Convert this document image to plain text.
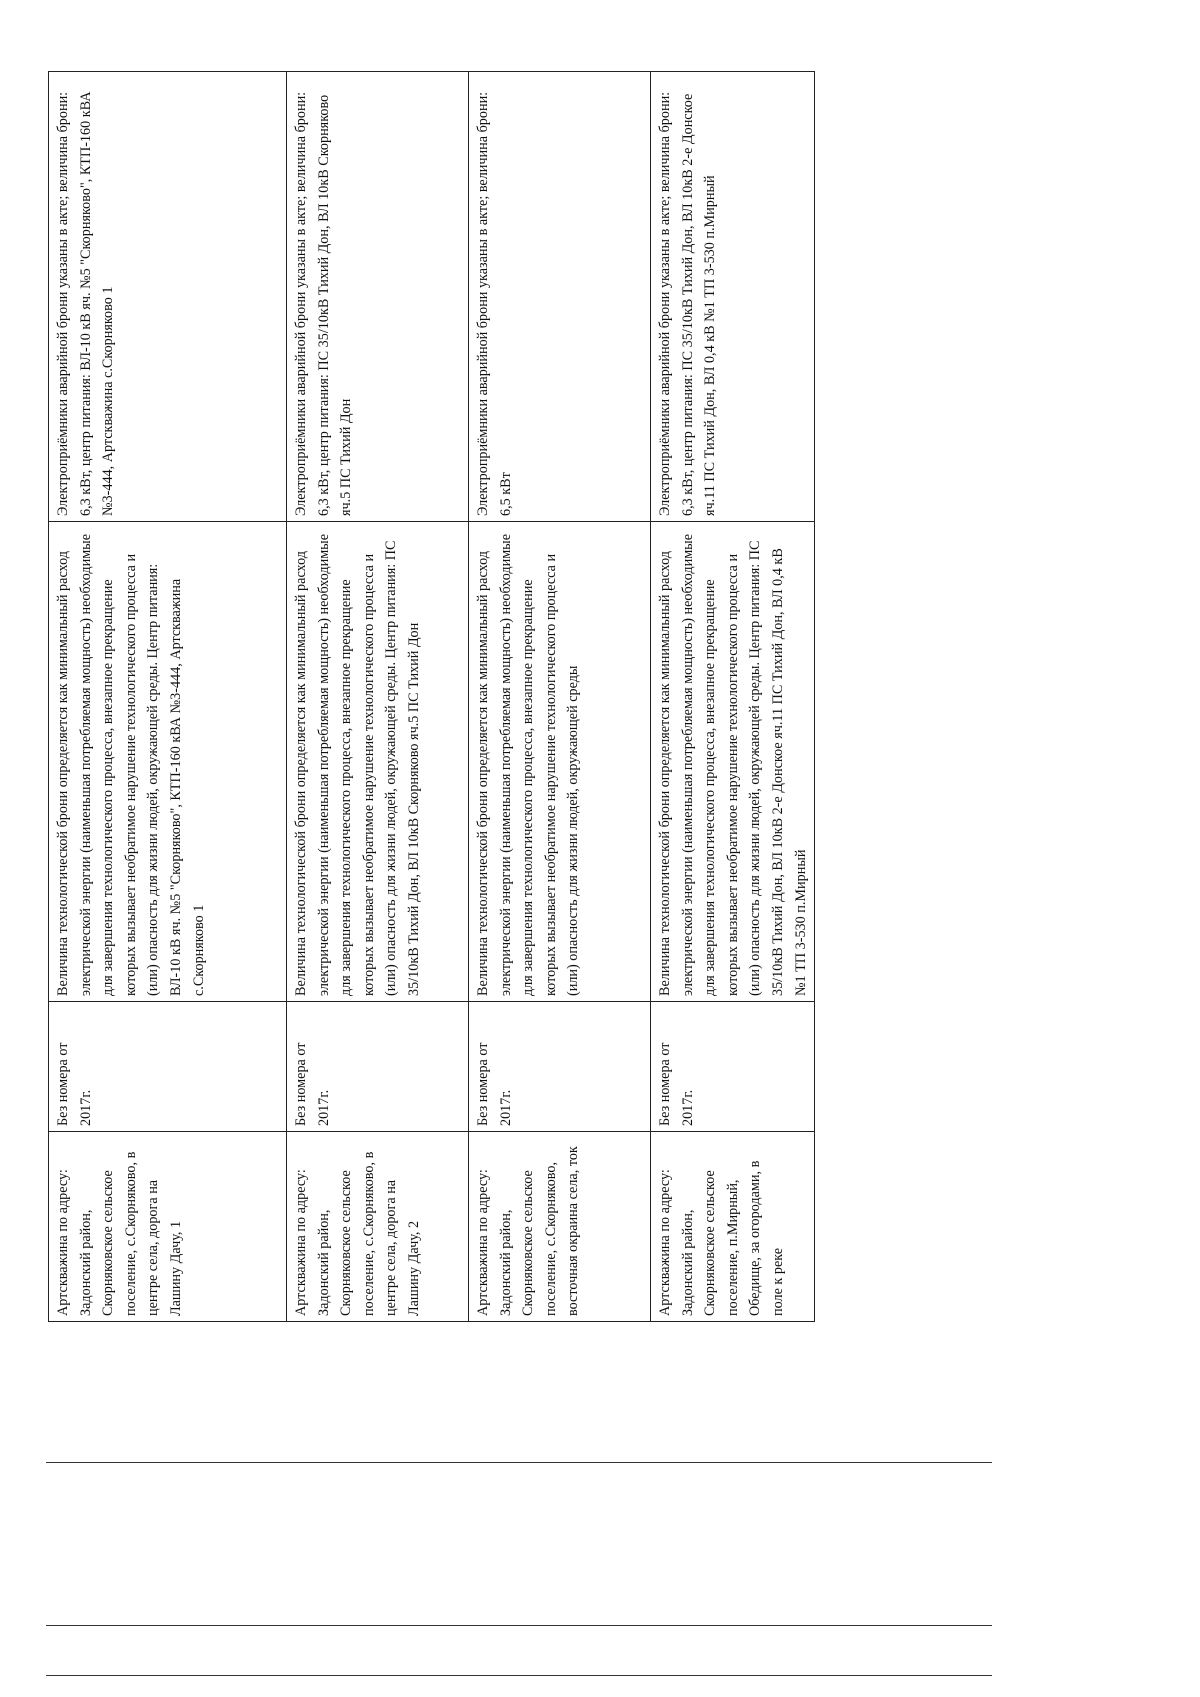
Артскважина по адресу: Задонский район, Скорняковское сельское поселение, с.Скорняково, в центре села, дорога на Лашину Дачу, 1	Без номера от 2017г.	Величина технологической брони определяется как минимальный расход электрической энергии (наименьшая потребляемая мощность) необходимые для завершения технологического процесса, внезапное прекращение которых вызывает необратимое нарушение технологического процесса и (или) опасность для жизни людей, окружающей среды. Центр питания: ВЛ-10 кВ яч. №5 "Скорняково", КТП-160 кВА №3-444, Артскважина с.Скорняково 1	Электроприёмники аварийной брони указаны в акте; величина брони: 6,3 кВт, центр питания: ВЛ-10 кВ яч. №5 "Скорняково", КТП-160 кВА №3-444, Артскважина с.Скорняково 1
Артскважина по адресу: Задонский район, Скорняковское сельское поселение, с.Скорняково, в центре села, дорога на Лашину Дачу, 2	Без номера от 2017г.	Величина технологической брони определяется как минимальный расход электрической энергии (наименьшая потребляемая мощность) необходимые для завершения технологического процесса, внезапное прекращение которых вызывает необратимое нарушение технологического процесса и (или) опасность для жизни людей, окружающей среды. Центр питания: ПС 35/10кВ Тихий Дон, ВЛ 10кВ Скорняково яч.5 ПС Тихий Дон	Электроприёмники аварийной брони указаны в акте; величина брони: 6,3 кВт, центр питания: ПС 35/10кВ Тихий Дон, ВЛ 10кВ Скорняково яч.5 ПС Тихий Дон
Артскважина по адресу: Задонский район, Скорняковское сельское поселение, с.Скорняково, восточная окраина села, ток	Без номера от 2017г.	Величина технологической брони определяется как минимальный расход электрической энергии (наименьшая потребляемая мощность) необходимые для завершения технологического процесса, внезапное прекращение которых вызывает необратимое нарушение технологического процесса и (или) опасность для жизни людей, окружающей среды	Электроприёмники аварийной брони указаны в акте; величина брони: 6,5 кВт
Артскважина по адресу: Задонский район, Скорняковское сельское поселение, п.Мирный, Обедище, за огородами, в поле к реке	Без номера от 2017г.	Величина технологической брони определяется как минимальный расход электрической энергии (наименьшая потребляемая мощность) необходимые для завершения технологического процесса, внезапное прекращение которых вызывает необратимое нарушение технологического процесса и (или) опасность для жизни людей, окружающей среды. Центр питания: ПС 35/10кВ Тихий Дон, ВЛ 10кВ 2-е Донское яч.11 ПС Тихий Дон, ВЛ 0,4 кВ №1 ТП 3-530 п.Мирный	Электроприёмники аварийной брони указаны в акте; величина брони: 6,3 кВт, центр питания: ПС 35/10кВ Тихий Дон, ВЛ 10кВ 2-е Донское яч.11 ПС Тихий Дон, ВЛ 0,4 кВ №1 ТП 3-530 п.Мирный
